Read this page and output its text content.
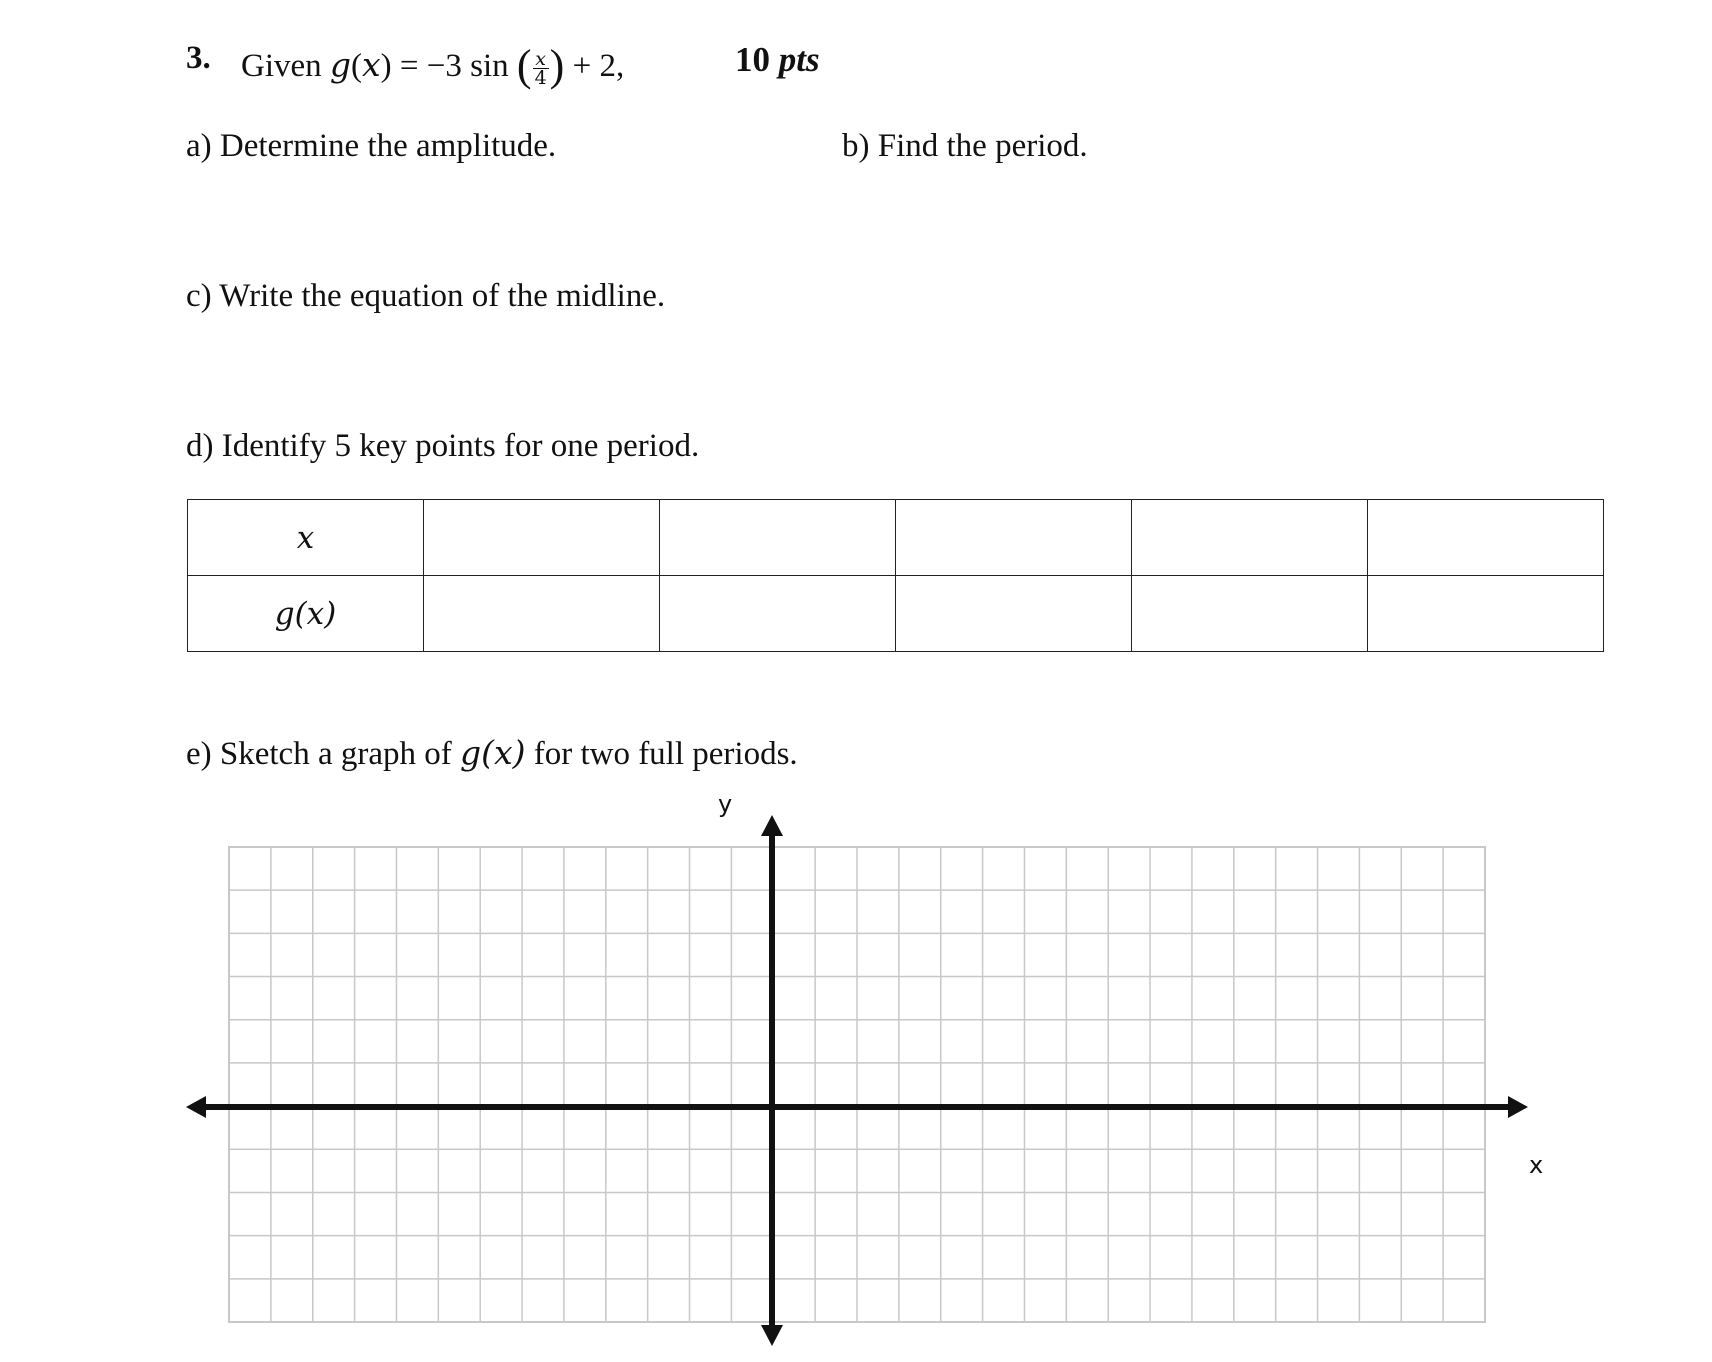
3. Given g(x) = −3 sin ( $\frac{x}{4}$ ) + 2,	10 pts
a) Determine the amplitude.	b) Find the period.
c) Write the equation of the midline.
d) Identify 5 key points for one period.
x					
g(x)					
e) Sketch a graph of g(x) for two full periods.
y
x
